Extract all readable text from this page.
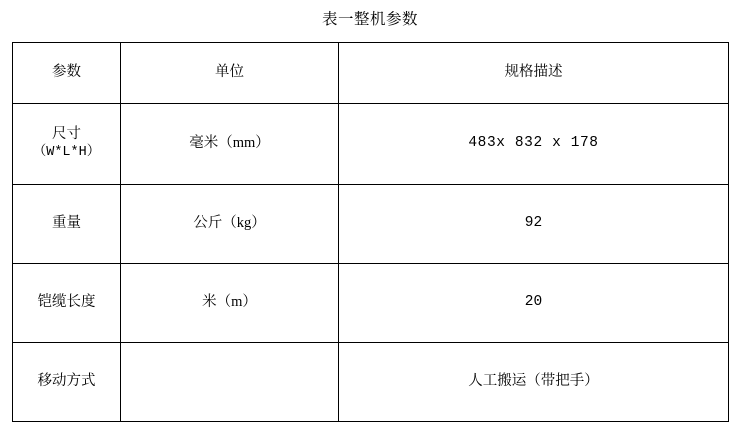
表一整机参数
参数	单位	规格描述

尺寸
（W*L*H）	毫米（mm）	483x 832 x 178
重量	公斤（kg）	92
铠缆长度	米（m）	20
移动方式		人工搬运（带把手）
